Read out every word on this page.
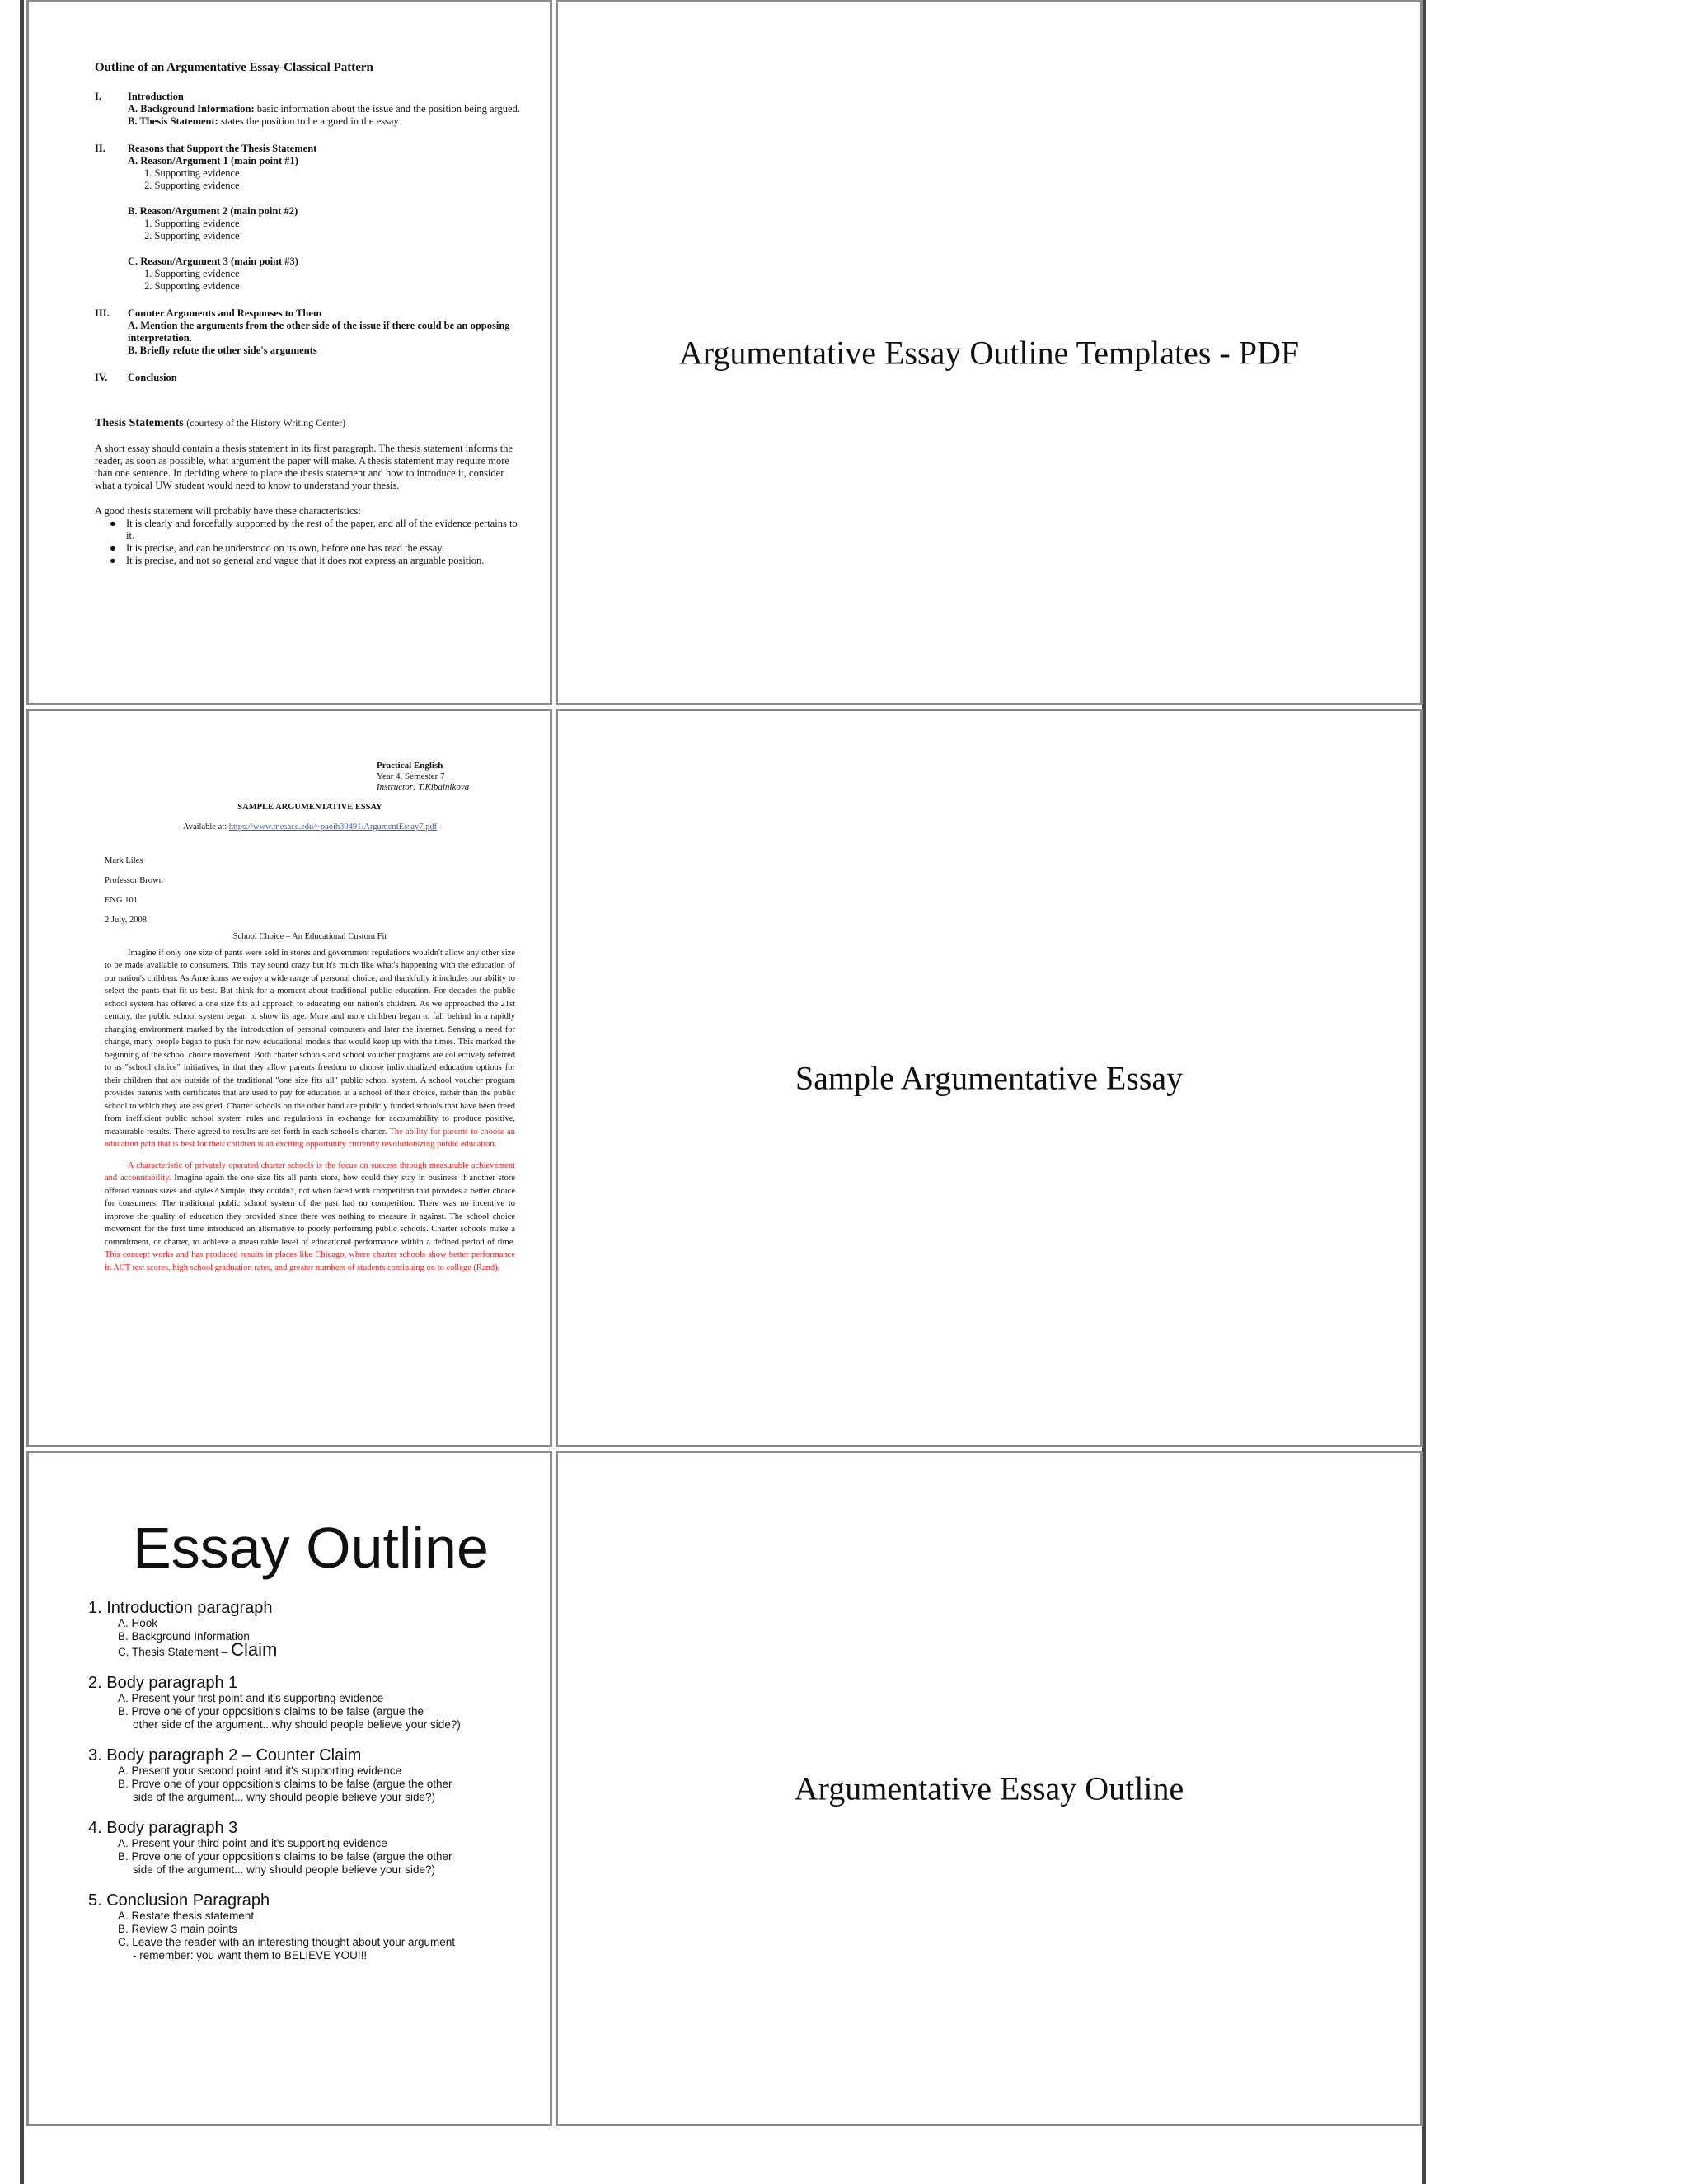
Outline of an Argumentative Essay-Classical Pattern
I.	Introduction
A. Background Information: basic information about the issue and the position being argued.
B. Thesis Statement: states the position to be argued in the essay
II.	Reasons that Support the Thesis Statement
A. Reason/Argument 1 (main point #1)
1. Supporting evidence
2. Supporting evidence
B. Reason/Argument 2 (main point #2)
1. Supporting evidence
2. Supporting evidence
C. Reason/Argument 3 (main point #3)
1. Supporting evidence
2. Supporting evidence
III.	Counter Arguments and Responses to Them
A. Mention the arguments from the other side of the issue if there could be an opposing interpretation.
B. Briefly refute the other side's arguments
IV.	Conclusion
Thesis Statements (courtesy of the History Writing Center)
A short essay should contain a thesis statement in its first paragraph. The thesis statement informs the reader, as soon as possible, what argument the paper will make. A thesis statement may require more than one sentence. In deciding where to place the thesis statement and how to introduce it, consider what a typical UW student would need to know to understand your thesis.
A good thesis statement will probably have these characteristics:
● It is clearly and forcefully supported by the rest of the paper, and all of the evidence pertains to it.
● It is precise, and can be understood on its own, before one has read the essay.
● It is precise, and not so general and vague that it does not express an arguable position.
Argumentative Essay Outline Templates - PDF
Practical English
Year 4, Semester 7
Instructor: T.Kibalnikova
SAMPLE ARGUMENTATIVE ESSAY
Available at: https://www.mesacc.edu/~paoih30491/ArgumentEssay7.pdf
Mark Liles
Professor Brown
ENG 101
2 July, 2008
School Choice – An Educational Custom Fit
Imagine if only one size of pants were sold in stores and government regulations wouldn't allow any other size to be made available to consumers. This may sound crazy but it's much like what's happening with the education of our nation's children. As Americans we enjoy a wide range of personal choice, and thankfully it includes our ability to select the pants that fit us best. But think for a moment about traditional public education. For decades the public school system has offered a one size fits all approach to educating our nation's children. As we approached the 21st century, the public school system began to show its age. More and more children began to fall behind in a rapidly changing environment marked by the introduction of personal computers and later the internet. Sensing a need for change, many people began to push for new educational models that would keep up with the times. This marked the beginning of the school choice movement. Both charter schools and school voucher programs are collectively referred to as "school choice" initiatives, in that they allow parents freedom to choose individualized education options for their children that are outside of the traditional "one size fits all" public school system. A school voucher program provides parents with certificates that are used to pay for education at a school of their choice, rather than the public school to which they are assigned. Charter schools on the other hand are publicly funded schools that have been freed from inefficient public school system rules and regulations in exchange for accountability to produce positive, measurable results. These agreed to results are set forth in each school's charter. The ability for parents to choose an education path that is best for their children is an exciting opportunity currently revolutionizing public education.
A characteristic of privately operated charter schools is the focus on success through measurable achievement and accountability. Imagine again the one size fits all pants store, how could they stay in business if another store offered various sizes and styles? Simple, they couldn't, not when faced with competition that provides a better choice for consumers. The traditional public school system of the past had no competition. There was no incentive to improve the quality of education they provided since there was nothing to measure it against. The school choice movement for the first time introduced an alternative to poorly performing public schools. Charter schools make a commitment, or charter, to achieve a measurable level of educational performance within a defined period of time. This concept works and has produced results in places like Chicago, where charter schools show better performance in ACT test scores, high school graduation rates, and greater numbers of students continuing on to college (Rand).
Sample Argumentative Essay
Essay Outline
1. Introduction paragraph
A. Hook
B. Background Information
C. Thesis Statement – Claim
2. Body paragraph 1
A. Present your first point and it's supporting evidence
B. Prove one of your opposition's claims to be false (argue the
other side of the argument...why should people believe your side?)
3. Body paragraph 2 – Counter Claim
A. Present your second point and it's supporting evidence
B. Prove one of your opposition's claims to be false (argue the other
side of the argument... why should people believe your side?)
4. Body paragraph 3
A. Present your third point and it's supporting evidence
B. Prove one of your opposition's claims to be false (argue the other
side of the argument... why should people believe your side?)
5. Conclusion Paragraph
A. Restate thesis statement
B. Review 3 main points
C. Leave the reader with an interesting thought about your argument
- remember: you want them to BELIEVE YOU!!!
Argumentative Essay Outline
